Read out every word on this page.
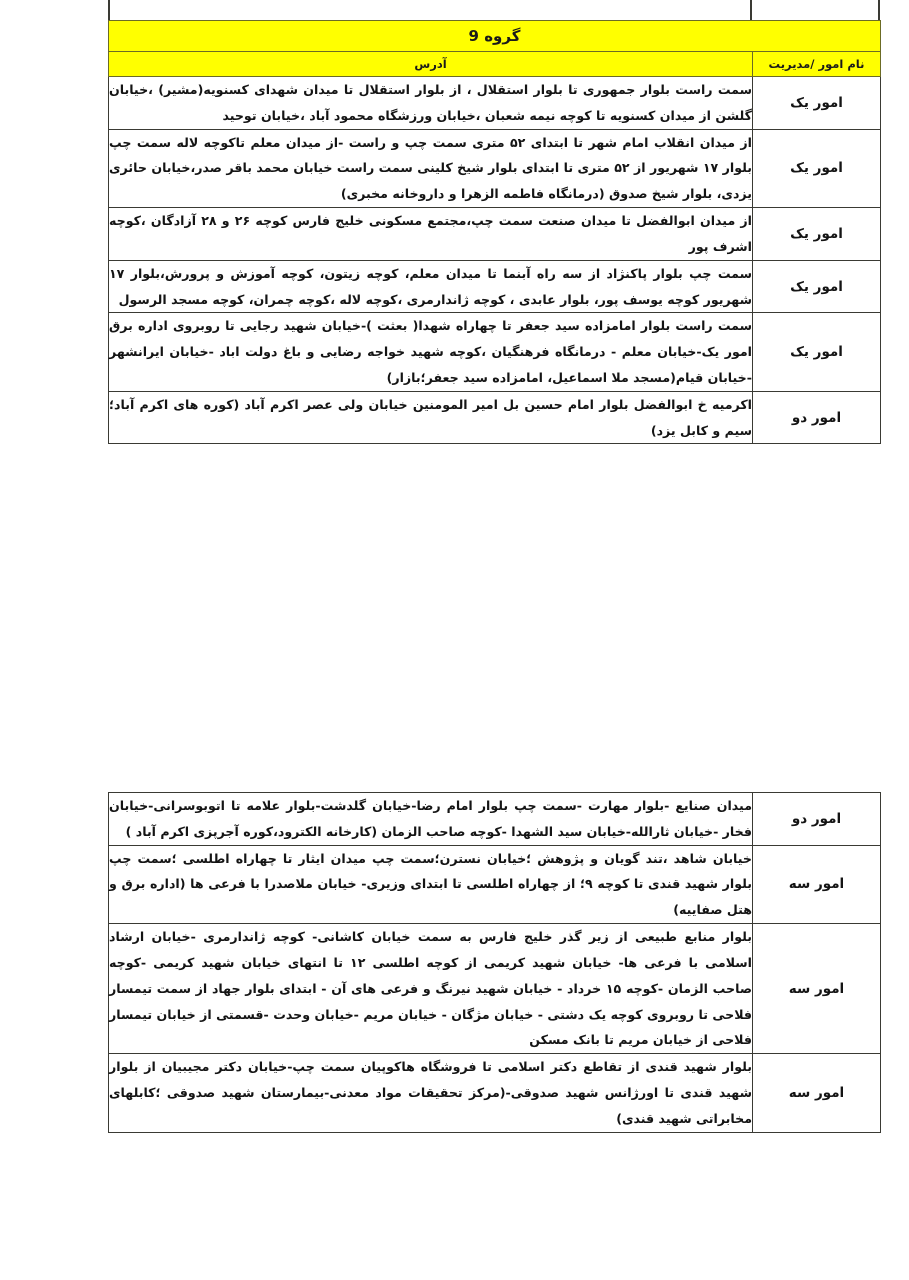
گروه 9	
نام امور /مدیریت	آدرس
امور یک	سمت راست بلوار جمهوری تا بلوار استقلال ، از بلوار استقلال تا میدان شهدای کسنویه(مشیر) ،خیابان گلشن از میدان کسنویه تا کوچه نیمه شعبان ،خیابان ورزشگاه محمود آباد ،خیابان توحید
امور یک	از میدان انقلاب امام شهر تا ابتدای ۵۲ متری سمت چپ و راست -از میدان معلم تاکوچه لاله سمت چپ بلوار ۱۷ شهریور از ۵۲ متری تا ابتدای بلوار شیخ کلینی سمت راست خیابان محمد باقر صدر،خیابان حائری یزدی، بلوار شیخ صدوق (درمانگاه فاطمه الزهرا و داروخانه مخبری)
امور یک	از میدان ابوالفضل تا میدان صنعت سمت چپ،مجتمع مسکونی خلیج فارس کوچه ۲۶ و ۲۸ آزادگان ،کوچه اشرف پور
امور یک	سمت چپ بلوار پاکنژاد از سه راه آبنما تا میدان معلم، کوچه زیتون، کوچه آموزش و پرورش،بلوار ۱۷ شهریور کوچه یوسف پور، بلوار عابدی ، کوچه ژاندارمری ،کوچه لاله ،کوچه چمران، کوچه مسجد الرسول
امور یک	سمت راست بلوار امامزاده سید جعفر تا چهاراه شهدا( بعثت )-خیابان شهید رجایی تا روبروی اداره برق امور یک-خیابان معلم - درمانگاه فرهنگیان ،کوچه شهید خواجه رضایی و باغ دولت اباد -خیابان ایرانشهر -خیابان قیام(مسجد ملا اسماعیل، امامزاده سید جعفر؛بازار)
امور دو	اکرمیه خ ابوالفضل بلوار امام حسین بل امیر المومنین خیابان ولی عصر اکرم آباد (کوره های اکرم آباد؛سیم و کابل یزد)
امور دو	میدان صنایع -بلوار مهارت -سمت چپ بلوار امام رضا-خیابان گلدشت-بلوار علامه تا اتوبوسرانی-خیابان فخار -خیابان ثارالله-خیابان سید الشهدا -کوچه صاحب الزمان (کارخانه الکترود،کوره آجرپزی اکرم آباد )
امور سه	خیابان شاهد ،تند گویان و پژوهش ؛خیابان نسترن؛سمت چپ میدان ایثار تا چهاراه اطلسی ؛سمت چپ بلوار شهید قندی تا کوچه ۹؛ از چهاراه اطلسی تا ابتدای وزیری- خیابان ملاصدرا با فرعی ها (اداره برق و هتل صفاییه)
امور سه	بلوار منابع طبیعی از زیر گذر خلیج فارس به سمت خیابان کاشانی- کوچه ژاندارمری -خیابان ارشاد اسلامی با فرعی ها- خیابان شهید کریمی از کوچه اطلسی ۱۲ تا انتهای خیابان شهید کریمی -کوچه صاحب الزمان -کوچه ۱۵ خرداد - خیابان شهید نیرنگ و فرعی های آن - ابتدای بلوار جهاد از سمت تیمسار فلاحی تا روبروی کوچه یک دشتی - خیابان مژگان - خیابان مریم -خیابان وحدت -قسمتی از خیابان تیمسار فلاحی از خیابان مریم تا بانک مسکن
امور سه	بلوار شهید قندی از تقاطع دکتر اسلامی تا فروشگاه هاکوپیان سمت چپ-خیابان دکتر مجیبیان از بلوار شهید قندی تا اورژانس شهید صدوقی-(مرکز تحقیقات مواد معدنی-بیمارستان شهید صدوقی ؛کابلهای مخابراتی شهید قندی)
